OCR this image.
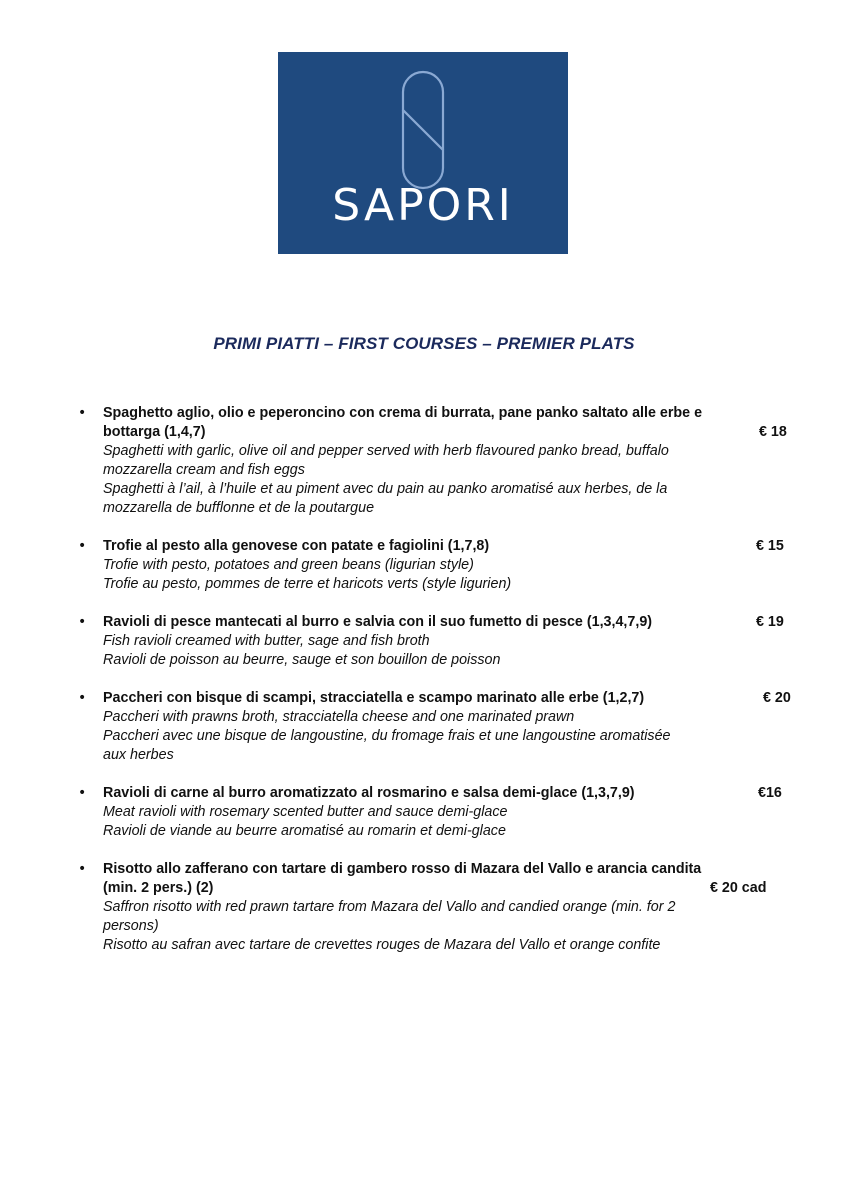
SAPORI
PRIMI PIATTI – FIRST COURSES – PREMIER PLATS
• Spaghetto aglio, olio e peperoncino con crema di burrata, pane panko saltato alle erbe e
bottarga (1,4,7)	€ 18
Spaghetti with garlic, olive oil and pepper served with herb flavoured panko bread, buffalo
mozzarella cream and fish eggs
Spaghetti à l’ail, à l’huile et au piment avec du pain au panko aromatisé aux herbes, de la
mozzarella de bufflonne et de la poutargue
• Trofie al pesto alla genovese con patate e fagiolini (1,7,8)	€ 15
Trofie with pesto, potatoes and green beans (ligurian style)
Trofie au pesto, pommes de terre et haricots verts (style ligurien)
• Ravioli di pesce mantecati al burro e salvia con il suo fumetto di pesce (1,3,4,7,9)	€ 19
Fish ravioli creamed with butter, sage and fish broth
Ravioli de poisson au beurre, sauge et son bouillon de poisson
• Paccheri con bisque di scampi, stracciatella e scampo marinato alle erbe (1,2,7)	€ 20
Paccheri with prawns broth, stracciatella cheese and one marinated prawn
Paccheri avec une bisque de langoustine, du fromage frais et une langoustine aromatisée
aux herbes
• Ravioli di carne al burro aromatizzato al rosmarino e salsa demi-glace (1,3,7,9)	€16
Meat ravioli with rosemary scented butter and sauce demi-glace
Ravioli de viande au beurre aromatisé au romarin et demi-glace
• Risotto allo zafferano con tartare di gambero rosso di Mazara del Vallo e arancia candita
(min. 2 pers.) (2)	€ 20 cad
Saffron risotto with red prawn tartare from Mazara del Vallo and candied orange (min. for 2
persons)
Risotto au safran avec tartare de crevettes rouges de Mazara del Vallo et orange confite
